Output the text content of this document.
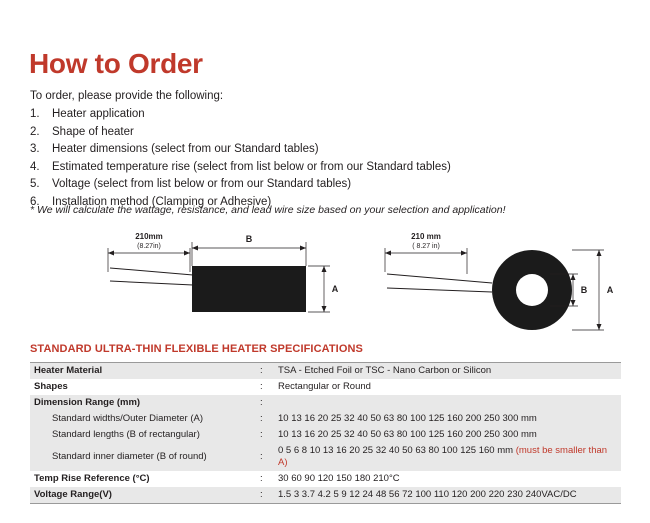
How to Order
To order, please provide the following:
1.	Heater application
2.	Shape of heater
3.	Heater dimensions (select from our Standard tables)
4.	Estimated temperature rise (select from list below or from our Standard tables)
5.	Voltage (select from list below or from our Standard tables)
6.	Installation method (Clamping or Adhesive)
* We will calculate the wattage, resistance, and lead wire size based on your selection and application!
210mm
(8.27in)
B
A
210 mm
( 8.27 in)
B A
STANDARD ULTRA-THIN FLEXIBLE HEATER SPECIFICATIONS
Heater Material	:	TSA - Etched Foil or TSC - Nano Carbon or Silicon
Shapes	:	Rectangular or Round
Dimension Range (mm)	:	
Standard widths/Outer Diameter (A)	:	10 13 16 20 25 32 40 50 63 80 100 125 160 200 250 300 mm
Standard lengths (B of rectangular)	:	10 13 16 20 25 32 40 50 63 80 100 125 160 200 250 300 mm
Standard inner diameter (B of round)	:	0 5 6 8 10 13 16 20 25 32 40 50 63 80 100 125 160 mm (must be smaller than A)
Temp Rise Reference (°C)	:	30 60 90 120 150 180 210°C
Voltage Range(V)	:	1.5 3 3.7 4.2 5 9 12 24 48 56 72 100 110 120 200 220 230 240VAC/DC
